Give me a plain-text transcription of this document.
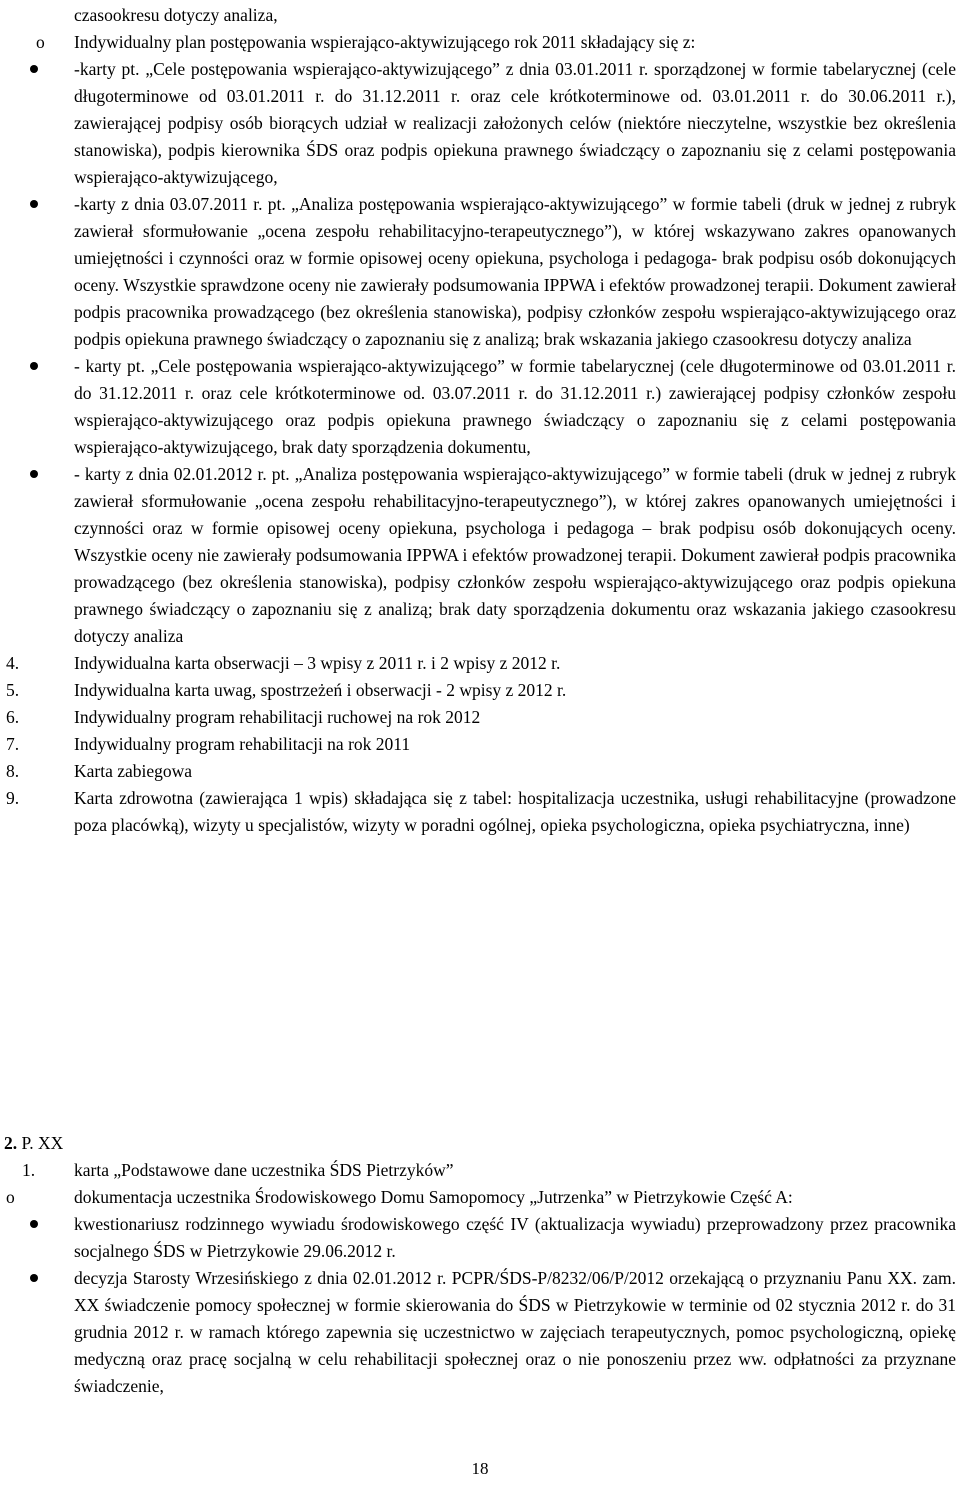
czasookresu dotyczy analiza,
o	Indywidualny plan postępowania wspierająco-aktywizującego rok 2011 składający się z:
-karty pt. „Cele postępowania wspierająco-aktywizującego” z dnia 03.01.2011 r. sporządzonej w formie tabelarycznej (cele długoterminowe od 03.01.2011 r. do 31.12.2011 r. oraz cele krótkoterminowe od. 03.01.2011 r. do 30.06.2011 r.), zawierającej podpisy osób biorących udział w realizacji założonych celów (niektóre nieczytelne, wszystkie bez określenia stanowiska), podpis kierownika ŚDS oraz podpis opiekuna prawnego świadczący o zapoznaniu się z celami postępowania wspierająco-aktywizującego,
-karty z dnia 03.07.2011 r. pt. „Analiza postępowania wspierająco-aktywizującego” w formie tabeli (druk w jednej z rubryk zawierał sformułowanie „ocena zespołu rehabilitacyjno-terapeutycznego”), w której wskazywano zakres opanowanych umiejętności i czynności oraz w formie opisowej oceny opiekuna, psychologa i pedagoga- brak podpisu osób dokonujących oceny. Wszystkie sprawdzone oceny nie zawierały podsumowania IPPWA i efektów prowadzonej terapii. Dokument zawierał podpis pracownika prowadzącego (bez określenia stanowiska), podpisy członków zespołu wspierająco-aktywizującego oraz podpis opiekuna prawnego świadczący o zapoznaniu się z analizą; brak wskazania jakiego czasookresu dotyczy analiza
- karty pt. „Cele postępowania wspierająco-aktywizującego” w formie tabelarycznej (cele długoterminowe od 03.01.2011 r. do 31.12.2011 r. oraz cele krótkoterminowe od. 03.07.2011 r. do 31.12.2011 r.) zawierającej podpisy członków zespołu wspierająco-aktywizującego oraz podpis opiekuna prawnego świadczący o zapoznaniu się z celami postępowania wspierająco-aktywizującego, brak daty sporządzenia dokumentu,
- karty z dnia 02.01.2012 r. pt. „Analiza postępowania wspierająco-aktywizującego” w formie tabeli (druk w jednej z rubryk zawierał sformułowanie „ocena zespołu rehabilitacyjno-terapeutycznego”), w której zakres opanowanych umiejętności i czynności oraz w formie opisowej oceny opiekuna, psychologa i pedagoga – brak podpisu osób dokonujących oceny. Wszystkie oceny nie zawierały podsumowania IPPWA i efektów prowadzonej terapii. Dokument zawierał podpis pracownika prowadzącego (bez określenia stanowiska), podpisy członków zespołu wspierająco-aktywizującego oraz podpis opiekuna prawnego świadczący o zapoznaniu się z analizą; brak daty sporządzenia dokumentu oraz wskazania jakiego czasookresu dotyczy analiza
4.	Indywidualna karta obserwacji – 3 wpisy z 2011 r. i 2 wpisy z 2012 r.
5.	Indywidualna karta uwag, spostrzeżeń i obserwacji - 2 wpisy z 2012 r.
6.	Indywidualny program rehabilitacji ruchowej na rok 2012
7.	Indywidualny program rehabilitacji na rok 2011
8.	Karta zabiegowa
9.	Karta zdrowotna (zawierająca 1 wpis) składająca się z tabel: hospitalizacja uczestnika, usługi rehabilitacyjne (prowadzone poza placówką), wizyty u specjalistów, wizyty w poradni ogólnej, opieka psychologiczna, opieka psychiatryczna, inne)
2. P. XX
1.	karta „Podstawowe dane uczestnika ŚDS Pietrzyków”
o	dokumentacja uczestnika Środowiskowego Domu Samopomocy „Jutrzenka” w Pietrzykowie Część A:
kwestionariusz rodzinnego wywiadu środowiskowego część IV (aktualizacja wywiadu) przeprowadzony przez pracownika socjalnego ŚDS w Pietrzykowie 29.06.2012 r.
decyzja Starosty Wrzesińskiego z dnia 02.01.2012 r. PCPR/ŚDS-P/8232/06/P/2012 orzekającą o przyznaniu Panu XX. zam. XX świadczenie pomocy społecznej w formie skierowania do ŚDS w Pietrzykowie w terminie od 02 stycznia 2012 r. do 31 grudnia 2012 r. w ramach którego zapewnia się uczestnictwo w zajęciach terapeutycznych, pomoc psychologiczną, opiekę medyczną oraz pracę socjalną w celu rehabilitacji społecznej oraz o nie ponoszeniu przez ww. odpłatności za przyznane świadczenie,
18
